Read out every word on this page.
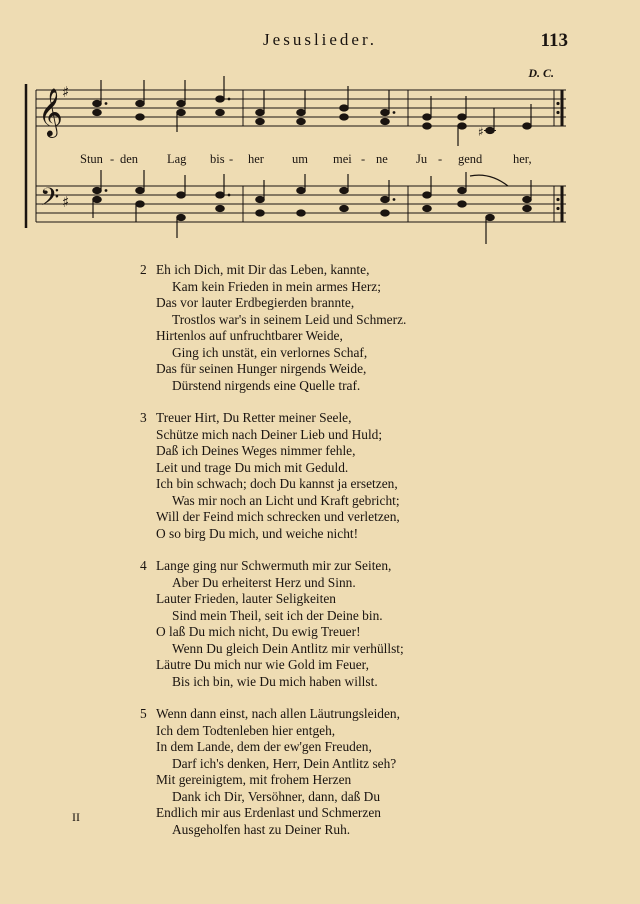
Jesuslieder.	113
D. C.
𝄞
𝄢
♯
♯
♯
Stun - den Lag bis - her um mei - ne Ju - gend her,
2 Eh ich Dich, mit Dir das Leben, kannte,
Kam kein Frieden in mein armes Herz;
Das vor lauter Erdbegierden brannte,
Trostlos war's in seinem Leid und Schmerz.
Hirtenlos auf unfruchtbarer Weide,
Ging ich unstät, ein verlornes Schaf,
Das für seinen Hunger nirgends Weide,
Dürstend nirgends eine Quelle traf.
3 Treuer Hirt, Du Retter meiner Seele,
Schütze mich nach Deiner Lieb und Huld;
Daß ich Deines Weges nimmer fehle,
Leit und trage Du mich mit Geduld.
Ich bin schwach; doch Du kannst ja ersetzen,
Was mir noch an Licht und Kraft gebricht;
Will der Feind mich schrecken und verletzen,
O so birg Du mich, und weiche nicht!
4 Lange ging nur Schwermuth mir zur Seiten,
Aber Du erheiterst Herz und Sinn.
Lauter Frieden, lauter Seligkeiten
Sind mein Theil, seit ich der Deine bin.
O laß Du mich nicht, Du ewig Treuer!
Wenn Du gleich Dein Antlitz mir verhüllst;
Läutre Du mich nur wie Gold im Feuer,
Bis ich bin, wie Du mich haben willst.
5 Wenn dann einst, nach allen Läutrungsleiden,
Ich dem Todtenleben hier entgeh,
In dem Lande, dem der ew'gen Freuden,
Darf ich's denken, Herr, Dein Antlitz seh?
Mit gereinigtem, mit frohem Herzen
Dank ich Dir, Versöhner, dann, daß Du
Endlich mir aus Erdenlast und Schmerzen
Ausgeholfen hast zu Deiner Ruh.
II
